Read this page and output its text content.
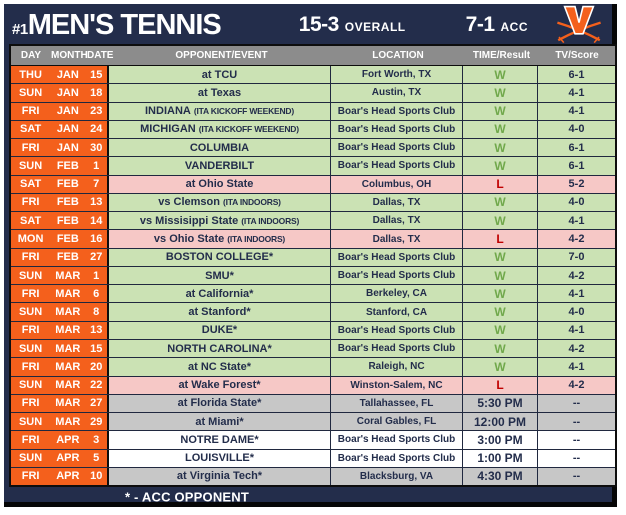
#1 MEN'S TENNIS	15-3 OVERALL	7-1 ACC
DAY MONTH DATE	OPPONENT/EVENT	LOCATION	TIME/Result	TV/Score
THU	JAN	15	at TCU	Fort Worth, TX	W	6-1
SUN	JAN	18	at Texas	Austin, TX	W	4-1
FRI	JAN	23	INDIANA (ITA KICKOFF WEEKEND)	Boar's Head Sports Club	W	4-1
SAT	JAN	24	MICHIGAN (ITA KICKOFF WEEKEND)	Boar's Head Sports Club	W	4-0
FRI	JAN	30	COLUMBIA	Boar's Head Sports Club	W	6-1
SUN	FEB	1	VANDERBILT	Boar's Head Sports Club	W	6-1
SAT	FEB	7	at Ohio State	Columbus, OH	L	5-2
FRI	FEB	13	vs Clemson (ITA INDOORS)	Dallas, TX	W	4-0
SAT	FEB	14	vs Missisippi State (ITA INDOORS)	Dallas, TX	W	4-1
MON	FEB	16	vs Ohio State (ITA INDOORS)	Dallas, TX	L	4-2
FRI	FEB	27	BOSTON COLLEGE*	Boar's Head Sports Club	W	7-0
SUN	MAR	1	SMU*	Boar's Head Sports Club	W	4-2
FRI	MAR	6	at California*	Berkeley, CA	W	4-1
SUN	MAR	8	at Stanford*	Stanford, CA	W	4-0
FRI	MAR 13	DUKE*	Boar's Head Sports Club	W	4-1
SUN	MAR 15	NORTH CAROLINA*	Boar's Head Sports Club	W	4-2
FRI	MAR 20	at NC State*	Raleigh, NC	W	4-1
SUN	MAR 22	at Wake Forest*	Winston-Salem, NC	L	4-2
FRI	MAR 27	at Florida State*	Tallahassee, FL	5:30 PM	--
SUN	MAR 29	at Miami*	Coral Gables, FL	12:00 PM	--
FRI	APR	3	NOTRE DAME*	Boar's Head Sports Club	3:00 PM	--
SUN	APR	5	LOUISVILLE*	Boar's Head Sports Club	1:00 PM	--
FRI	APR 10	at Virginia Tech*	Blacksburg, VA	4:30 PM	--
* - ACC OPPONENT
